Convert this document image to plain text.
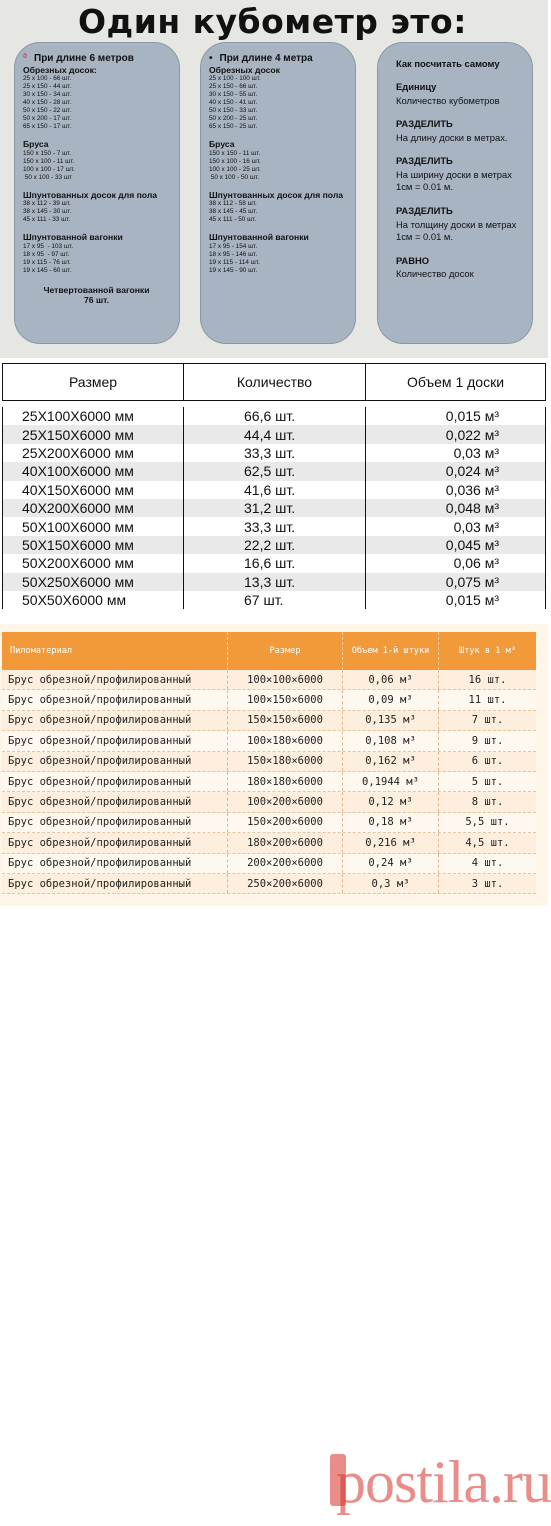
Один кубометр это:
⁰ При длине 6 метров
Обрезных досок:
25 x 100 - 66 шт.
25 x 150 - 44 шт.
30 x 150 - 34 шт.
40 x 150 - 28 шт.
50 x 150 - 22 шт.
50 x 200 - 17 шт.
65 x 150 - 17 шт.
Бруса
150 x 150 - 7 шт.
150 x 100 - 11 шт.
100 x 100 - 17 шт.
50 x 100 - 33 шт
Шпунтованных досок для пола
38 x 112 - 39 шт.
38 x 145 - 30 шт.
45 x 111 - 33 шт.
Шпунтованной вагонки
17 x 95  - 103 шт.
18 x 95  - 97 шт.
19 x 115 - 76 шт.
19 x 145 - 60 шт.
Четвертованной вагонки
76 шт.
• При длине 4 метра
Обрезных досок
25 x 100 - 100 шт.
25 x 150 - 66 шт.
30 x 150 - 55 шт.
40 x 150 - 41 шт.
50 x 150 - 33 шт.
50 x 200 - 25 шт.
65 x 150 - 25 шт.
Бруса
150 x 150 - 11 шт.
150 x 100 - 16 шт.
100 x 100 - 25 шт.
50 x 100 - 50 шт.
Шпунтованных досок для пола
38 x 112 - 58 шт.
38 x 145 - 45 шт.
45 x 111 - 50 шт.
Шпунтованной вагонки
17 x 95 - 154 шт.
18 x 95 - 146 шт.
19 x 115 - 114 шт.
19 x 145 - 90 шт.
Как посчитать самому
Единицу
Количество кубометров
РАЗДЕЛИТЬ
На длину доски в метрах.
РАЗДЕЛИТЬ
На ширину доски в метрах 1см = 0.01 м.
РАЗДЕЛИТЬ
На толщину доски в метрах 1см = 0.01 м.
РАВНО
Количество досок
Размер	Количество	Объем 1 доски
25Х100Х6000 мм	66,6 шт.	0,015 м³
25Х150Х6000 мм	44,4 шт.	0,022 м³
25Х200Х6000 мм	33,3 шт.	0,03 м³
40Х100Х6000 мм	62,5 шт.	0,024 м³
40Х150Х6000 мм	41,6 шт.	0,036 м³
40Х200Х6000 мм	31,2 шт.	0,048 м³
50Х100Х6000 мм	33,3 шт.	0,03 м³
50Х150Х6000 мм	22,2 шт.	0,045 м³
50Х200Х6000 мм	16,6 шт.	0,06 м³
50Х250Х6000 мм	13,3 шт.	0,075 м³
50Х50Х6000 мм	67 шт.	0,015 м³
Пиломатериал	Размер	Объем 1-й штуки	Штук в 1 м³
Брус обрезной/профилированный	100×100×6000	0,06 м³	16 шт.
Брус обрезной/профилированный	100×150×6000	0,09 м³	11 шт.
Брус обрезной/профилированный	150×150×6000	0,135 м³	7 шт.
Брус обрезной/профилированный	100×180×6000	0,108 м³	9 шт.
Брус обрезной/профилированный	150×180×6000	0,162 м³	6 шт.
Брус обрезной/профилированный	180×180×6000	0,1944 м³	5 шт.
Брус обрезной/профилированный	100×200×6000	0,12 м³	8 шт.
Брус обрезной/профилированный	150×200×6000	0,18 м³	5,5 шт.
Брус обрезной/профилированный	180×200×6000	0,216 м³	4,5 шт.
Брус обрезной/профилированный	200×200×6000	0,24 м³	4 шт.
Брус обрезной/профилированный	250×200×6000	0,3 м³	3 шт.
postila.ru
